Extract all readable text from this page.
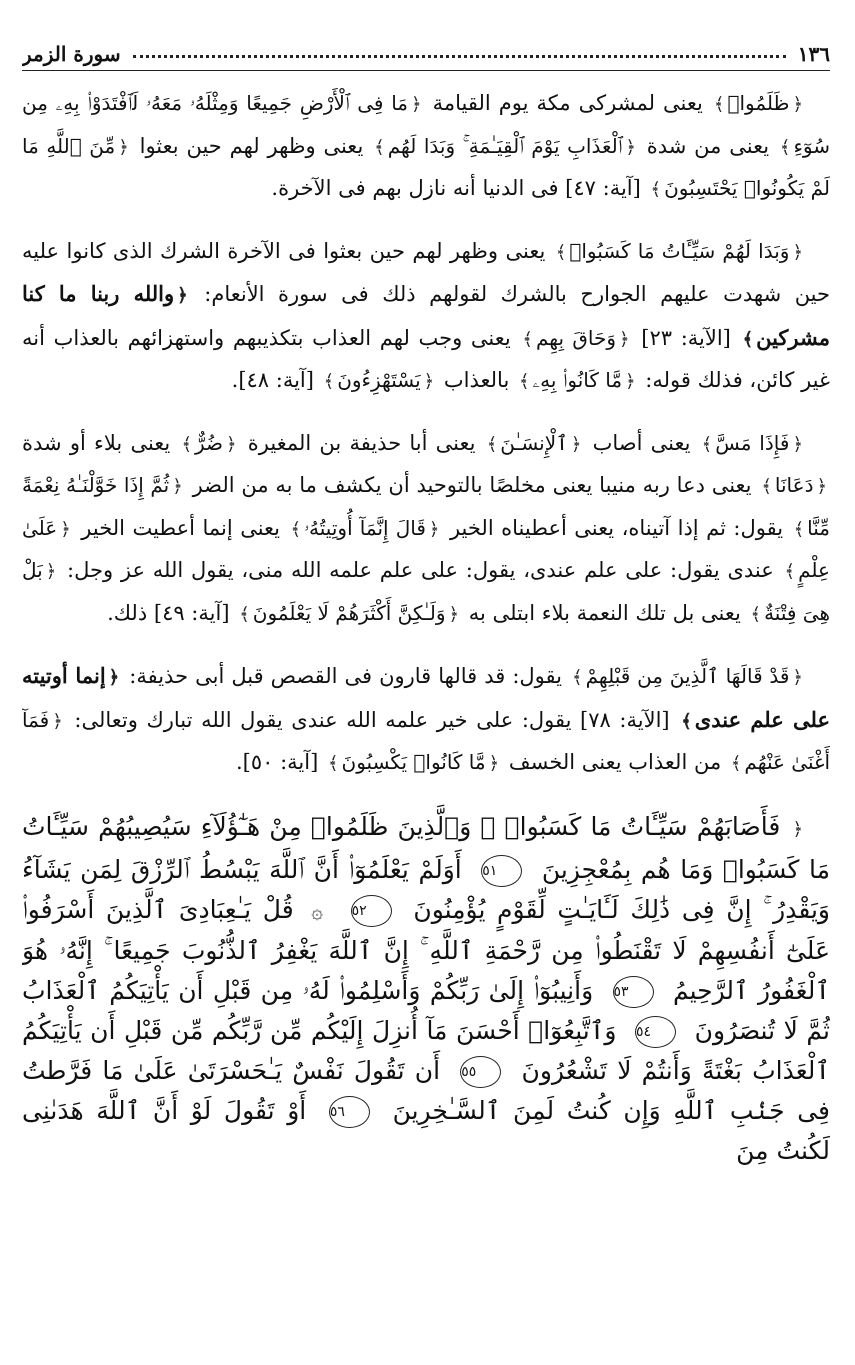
١٣٦
سورة الزمر

﴿ظَلَمُوا۟﴾ يعنى لمشركى مكة يوم القيامة ﴿مَا فِى ٱلْأَرْضِ جَمِيعًا وَمِثْلَهُۥ مَعَهُۥ لَٱفْتَدَوْا۟ بِهِۦ مِن سُوٓءِ﴾ يعنى من شدة ﴿ٱلْعَذَابِ يَوْمَ ٱلْقِيَـٰمَةِ ۚ وَبَدَا لَهُم﴾ يعنى وظهر لهم حين بعثوا ﴿مِّنَ ٱللَّهِ مَا لَمْ يَكُونُوا۟ يَحْتَسِبُونَ﴾ [آية: ٤٧] فى الدنيا أنه نازل بهم فى الآخرة.

﴿وَبَدَا لَهُمْ سَيِّـَٔاتُ مَا كَسَبُوا۟﴾ يعنى وظهر لهم حين بعثوا فى الآخرة الشرك الذى كانوا عليه حين شهدت عليهم الجوارح بالشرك لقولهم ذلك فى سورة الأنعام: ﴿والله ربنا ما كنا مشركين﴾ [الآية: ٢٣] ﴿وَحَاقَ بِهِم﴾ يعنى وجب لهم العذاب بتكذيبهم واستهزائهم بالعذاب أنه غير كائن، فذلك قوله: ﴿مَّا كَانُوا۟ بِهِۦ﴾ بالعذاب ﴿يَسْتَهْزِءُونَ﴾ [آية: ٤٨].

﴿فَإِذَا مَسَّ﴾ يعنى أصاب ﴿ٱلْإِنسَـٰنَ﴾ يعنى أبا حذيفة بن المغيرة ﴿ضُرٌّ﴾ يعنى بلاء أو شدة ﴿دَعَانَا﴾ يعنى دعا ربه منيبا يعنى مخلصًا بالتوحيد أن يكشف ما به من الضر ﴿ثُمَّ إِذَا خَوَّلْنَـٰهُ نِعْمَةً مِّنَّا﴾ يقول: ثم إذا آتيناه، يعنى أعطيناه الخير ﴿قَالَ إِنَّمَآ أُوتِيتُهُۥ﴾ يعنى إنما أعطيت الخير ﴿عَلَىٰ عِلْمٍ﴾ عندى يقول: على علم عندى، يقول: على علم علمه الله منى، يقول الله عز وجل: ﴿بَلْ هِىَ فِتْنَةٌ﴾ يعنى بل تلك النعمة بلاء ابتلى به ﴿وَلَـٰكِنَّ أَكْثَرَهُمْ لَا يَعْلَمُونَ﴾ [آية: ٤٩] ذلك.

﴿قَدْ قَالَهَا ٱلَّذِينَ مِن قَبْلِهِمْ﴾ يقول: قد قالها قارون فى القصص قبل أبى حذيفة: ﴿إنما أوتيته على علم عندى﴾ [الآية: ٧٨] يقول: على خير علمه الله عندى يقول الله تبارك وتعالى: ﴿فَمَآ أَغْنَىٰ عَنْهُم﴾ من العذاب يعنى الخسف ﴿مَّا كَانُوا۟ يَكْسِبُونَ﴾ [آية: ٥٠].

﴿ فَأَصَابَهُمْ سَيِّـَٔاتُ مَا كَسَبُوا۟ ۚ وَٱلَّذِينَ ظَلَمُوا۟ مِنْ هَـٰٓؤُلَآءِ سَيُصِيبُهُمْ سَيِّـَٔاتُ مَا كَسَبُوا۟ وَمَا هُم بِمُعْجِزِينَ ٥١ أَوَلَمْ يَعْلَمُوٓا۟ أَنَّ ٱللَّهَ يَبْسُطُ ٱلرِّزْقَ لِمَن يَشَآءُ وَيَقْدِرُ ۚ إِنَّ فِى ذَٰلِكَ لَـَٔايَـٰتٍ لِّقَوْمٍ يُؤْمِنُونَ ٥٢ ۞ قُلْ يَـٰعِبَادِىَ ٱلَّذِينَ أَسْرَفُوا۟ عَلَىٰٓ أَنفُسِهِمْ لَا تَقْنَطُوا۟ مِن رَّحْمَةِ ٱللَّهِ ۚ إِنَّ ٱللَّهَ يَغْفِرُ ٱلذُّنُوبَ جَمِيعًا ۚ إِنَّهُۥ هُوَ ٱلْغَفُورُ ٱلرَّحِيمُ ٥٣ وَأَنِيبُوٓا۟ إِلَىٰ رَبِّكُمْ وَأَسْلِمُوا۟ لَهُۥ مِن قَبْلِ أَن يَأْتِيَكُمُ ٱلْعَذَابُ ثُمَّ لَا تُنصَرُونَ ٥٤ وَٱتَّبِعُوٓا۟ أَحْسَنَ مَآ أُنزِلَ إِلَيْكُم مِّن رَّبِّكُم مِّن قَبْلِ أَن يَأْتِيَكُمُ ٱلْعَذَابُ بَغْتَةً وَأَنتُمْ لَا تَشْعُرُونَ ٥٥ أَن تَقُولَ نَفْسٌ يَـٰحَسْرَتَىٰ عَلَىٰ مَا فَرَّطتُ فِى جَنۢبِ ٱللَّهِ وَإِن كُنتُ لَمِنَ ٱلسَّـٰخِرِينَ ٥٦ أَوْ تَقُولَ لَوْ أَنَّ ٱللَّهَ هَدَىٰنِى لَكُنتُ مِنَ
